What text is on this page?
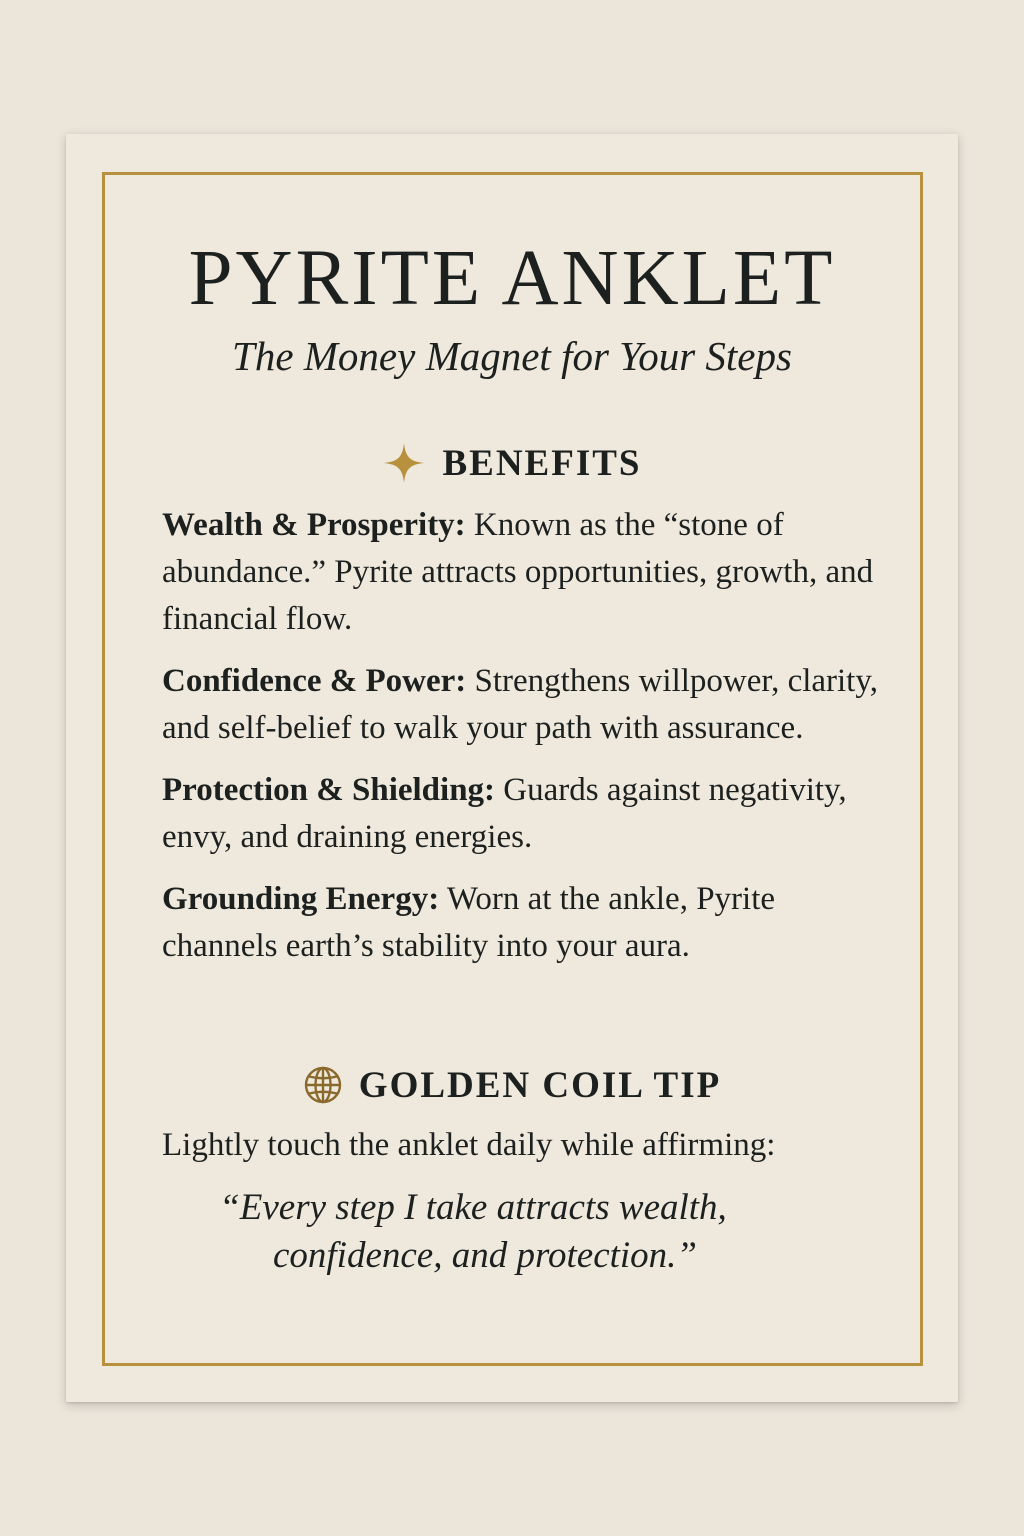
PYRITE ANKLET
The Money Magnet for Your Steps
BENEFITS

Wealth & Prosperity: Known as the “stone of abundance.” Pyrite attracts opportunities, growth, and financial flow.

Confidence & Power: Strengthens willpower, clarity, and self-belief to walk your path with assurance.

Protection & Shielding: Guards against negativity, envy, and draining energies.

Grounding Energy: Worn at the ankle, Pyrite channels earth’s stability into your aura.

GOLDEN COIL TIP
Lightly touch the anklet daily while affirming:
“Every step I take attracts wealth,
confidence, and protection.”
